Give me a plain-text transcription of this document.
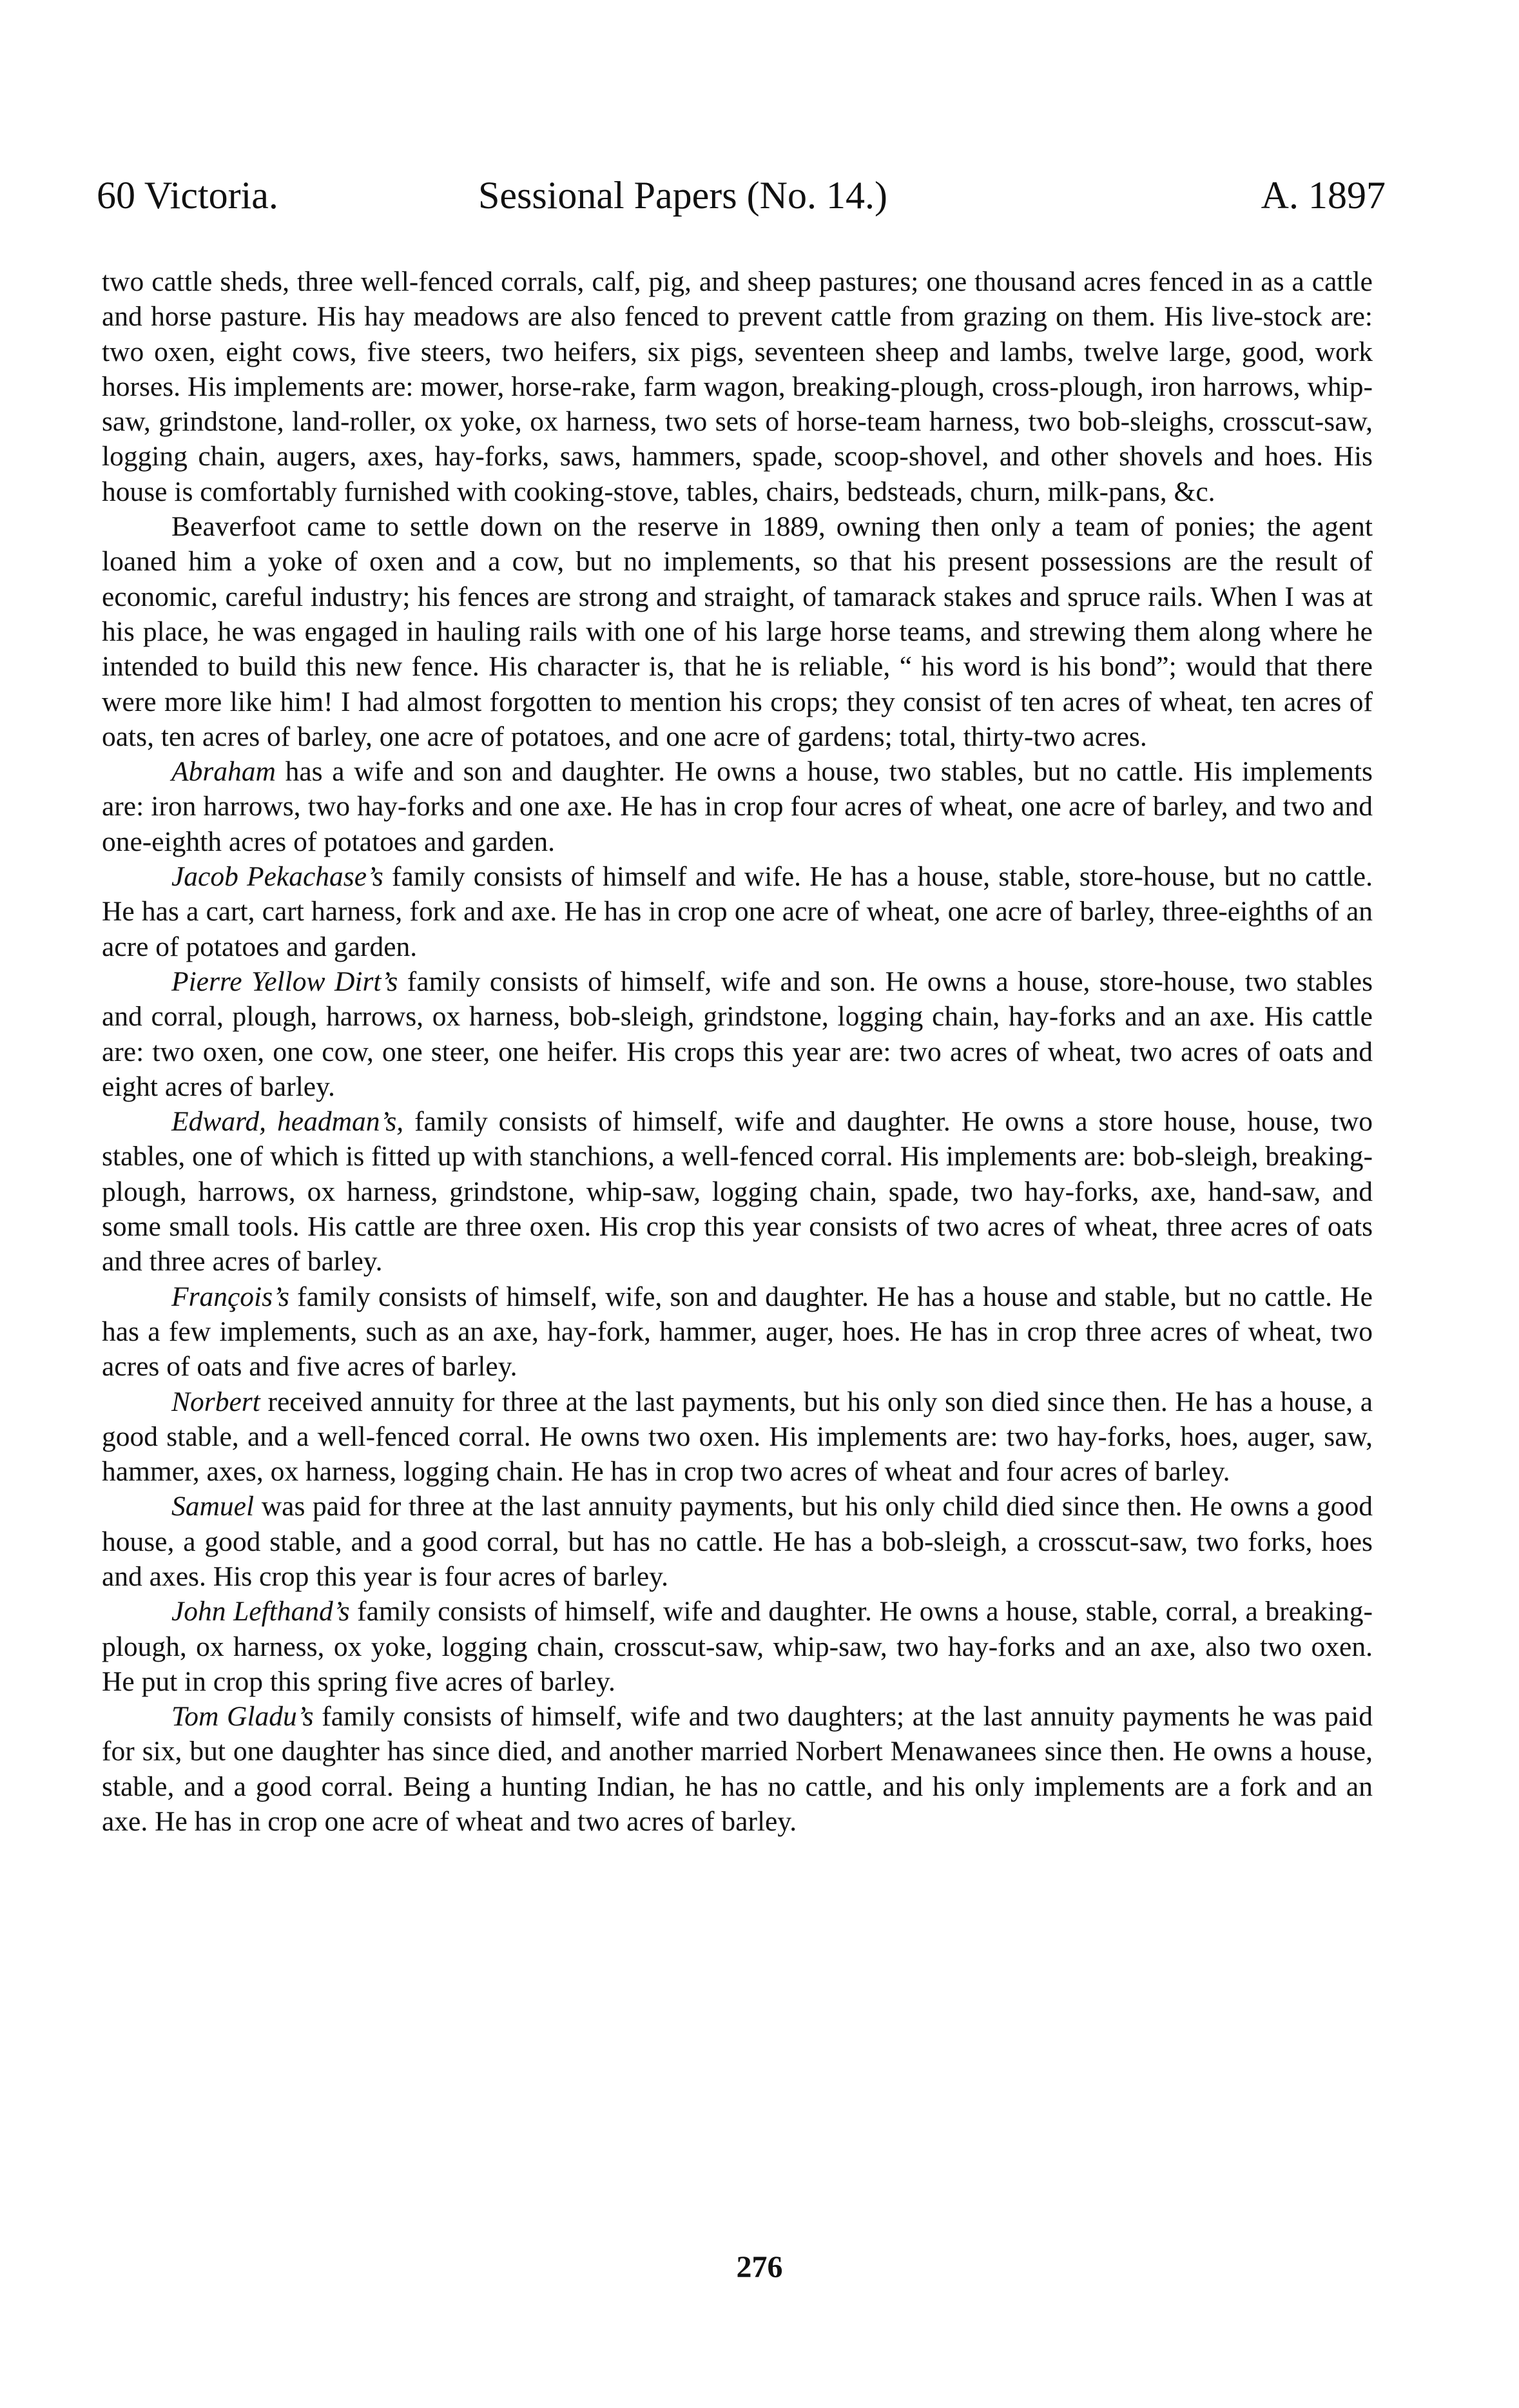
60 Victoria.	Sessional Papers (No. 14.)	A. 1897

two cattle sheds, three well-fenced corrals, calf, pig, and sheep pastures; one thousand acres fenced in as a cattle and horse pasture. His hay meadows are also fenced to prevent cattle from grazing on them. His live-stock are: two oxen, eight cows, five steers, two heifers, six pigs, seventeen sheep and lambs, twelve large, good, work horses. His implements are: mower, horse-rake, farm wagon, breaking-plough, cross-plough, iron harrows, whip-saw, grindstone, land-roller, ox yoke, ox harness, two sets of horse-team harness, two bob-sleighs, crosscut-saw, logging chain, augers, axes, hay-forks, saws, hammers, spade, scoop-shovel, and other shovels and hoes. His house is comfortably furnished with cooking-stove, tables, chairs, bedsteads, churn, milk-pans, &c.

Beaverfoot came to settle down on the reserve in 1889, owning then only a team of ponies; the agent loaned him a yoke of oxen and a cow, but no implements, so that his present possessions are the result of economic, careful industry; his fences are strong and straight, of tamarack stakes and spruce rails. When I was at his place, he was engaged in hauling rails with one of his large horse teams, and strewing them along where he intended to build this new fence. His character is, that he is reliable, “ his word is his bond”; would that there were more like him! I had almost forgotten to mention his crops; they consist of ten acres of wheat, ten acres of oats, ten acres of barley, one acre of potatoes, and one acre of gardens; total, thirty-two acres.

Abraham has a wife and son and daughter. He owns a house, two stables, but no cattle. His implements are: iron harrows, two hay-forks and one axe. He has in crop four acres of wheat, one acre of barley, and two and one-eighth acres of potatoes and garden.

Jacob Pekachase’s family consists of himself and wife. He has a house, stable, store-house, but no cattle. He has a cart, cart harness, fork and axe. He has in crop one acre of wheat, one acre of barley, three-eighths of an acre of potatoes and garden.

Pierre Yellow Dirt’s family consists of himself, wife and son. He owns a house, store-house, two stables and corral, plough, harrows, ox harness, bob-sleigh, grindstone, logging chain, hay-forks and an axe. His cattle are: two oxen, one cow, one steer, one heifer. His crops this year are: two acres of wheat, two acres of oats and eight acres of barley.

Edward, headman’s, family consists of himself, wife and daughter. He owns a store house, house, two stables, one of which is fitted up with stanchions, a well-fenced corral. His implements are: bob-sleigh, breaking-plough, harrows, ox harness, grindstone, whip-saw, logging chain, spade, two hay-forks, axe, hand-saw, and some small tools. His cattle are three oxen. His crop this year consists of two acres of wheat, three acres of oats and three acres of barley.

François’s family consists of himself, wife, son and daughter. He has a house and stable, but no cattle. He has a few implements, such as an axe, hay-fork, hammer, auger, hoes. He has in crop three acres of wheat, two acres of oats and five acres of barley.

Norbert received annuity for three at the last payments, but his only son died since then. He has a house, a good stable, and a well-fenced corral. He owns two oxen. His implements are: two hay-forks, hoes, auger, saw, hammer, axes, ox harness, logging chain. He has in crop two acres of wheat and four acres of barley.

Samuel was paid for three at the last annuity payments, but his only child died since then. He owns a good house, a good stable, and a good corral, but has no cattle. He has a bob-sleigh, a crosscut-saw, two forks, hoes and axes. His crop this year is four acres of barley.

John Lefthand’s family consists of himself, wife and daughter. He owns a house, stable, corral, a breaking-plough, ox harness, ox yoke, logging chain, crosscut-saw, whip-saw, two hay-forks and an axe, also two oxen. He put in crop this spring five acres of barley.

Tom Gladu’s family consists of himself, wife and two daughters; at the last annuity payments he was paid for six, but one daughter has since died, and another married Norbert Menawanees since then. He owns a house, stable, and a good corral. Being a hunting Indian, he has no cattle, and his only implements are a fork and an axe. He has in crop one acre of wheat and two acres of barley.

276
